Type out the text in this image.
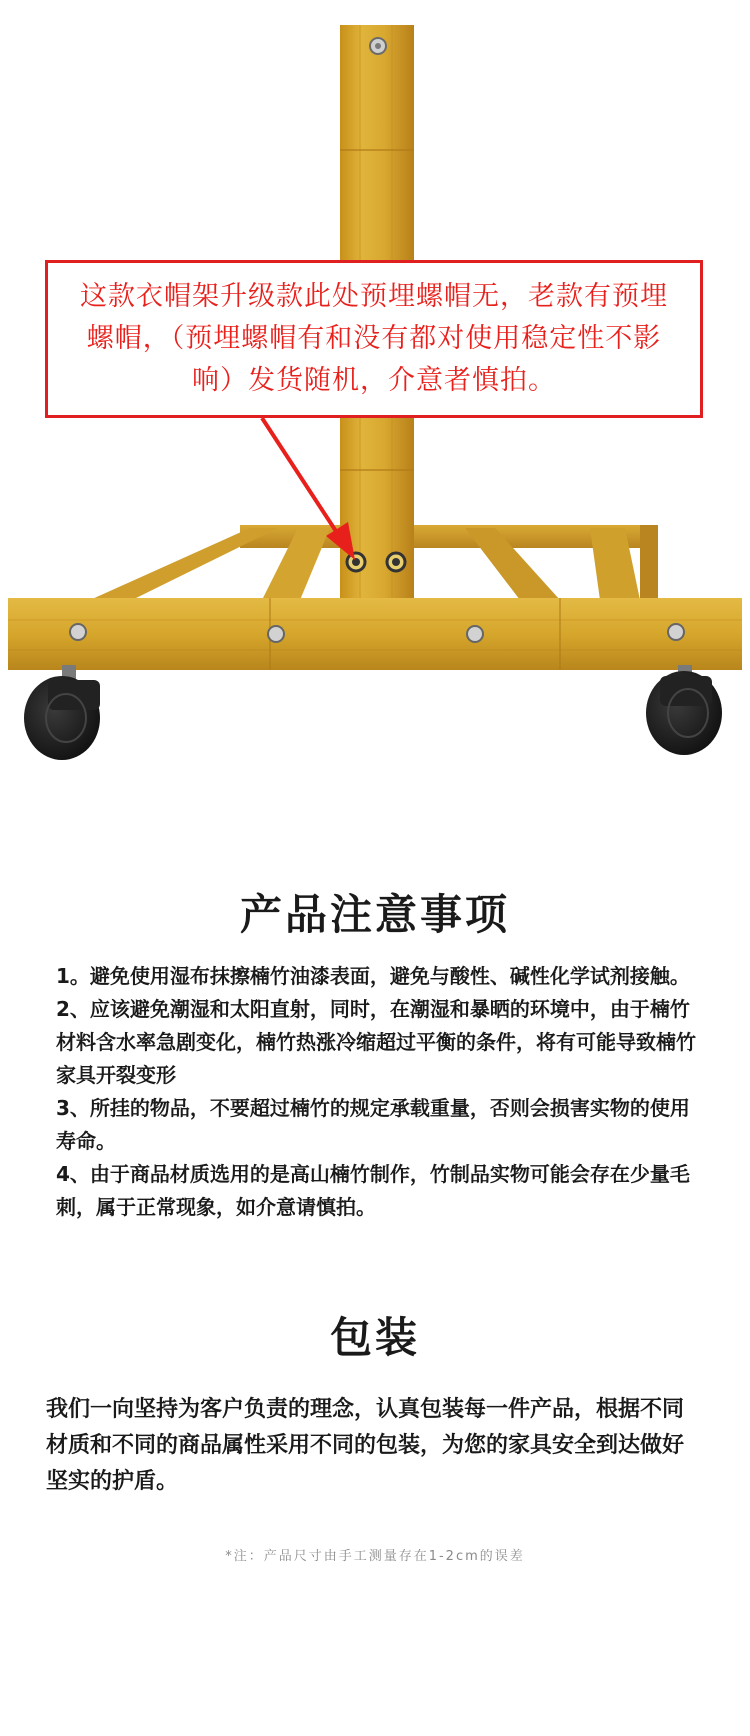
这款衣帽架升级款此处预埋螺帽无，老款有预埋螺帽，（预埋螺帽有和没有都对使用稳定性不影响）发货随机，介意者慎拍。

产品注意事项
1。避免使用湿布抹擦楠竹油漆表面，避免与酸性、碱性化学试剂接触。
2、应该避免潮湿和太阳直射，同时，在潮湿和暴晒的环境中，由于楠竹材料含水率急剧变化，楠竹热涨冷缩超过平衡的条件，将有可能导致楠竹家具开裂变形
3、所挂的物品，不要超过楠竹的规定承载重量，否则会损害实物的使用寿命。
4、由于商品材质选用的是高山楠竹制作，竹制品实物可能会存在少量毛刺，属于正常现象，如介意请慎拍。
包装

我们一向坚持为客户负责的理念，认真包装每一件产品，根据不同材质和不同的商品属性采用不同的包装，为您的家具安全到达做好坚实的护盾。

*注：产品尺寸由手工测量存在1-2cm的误差
